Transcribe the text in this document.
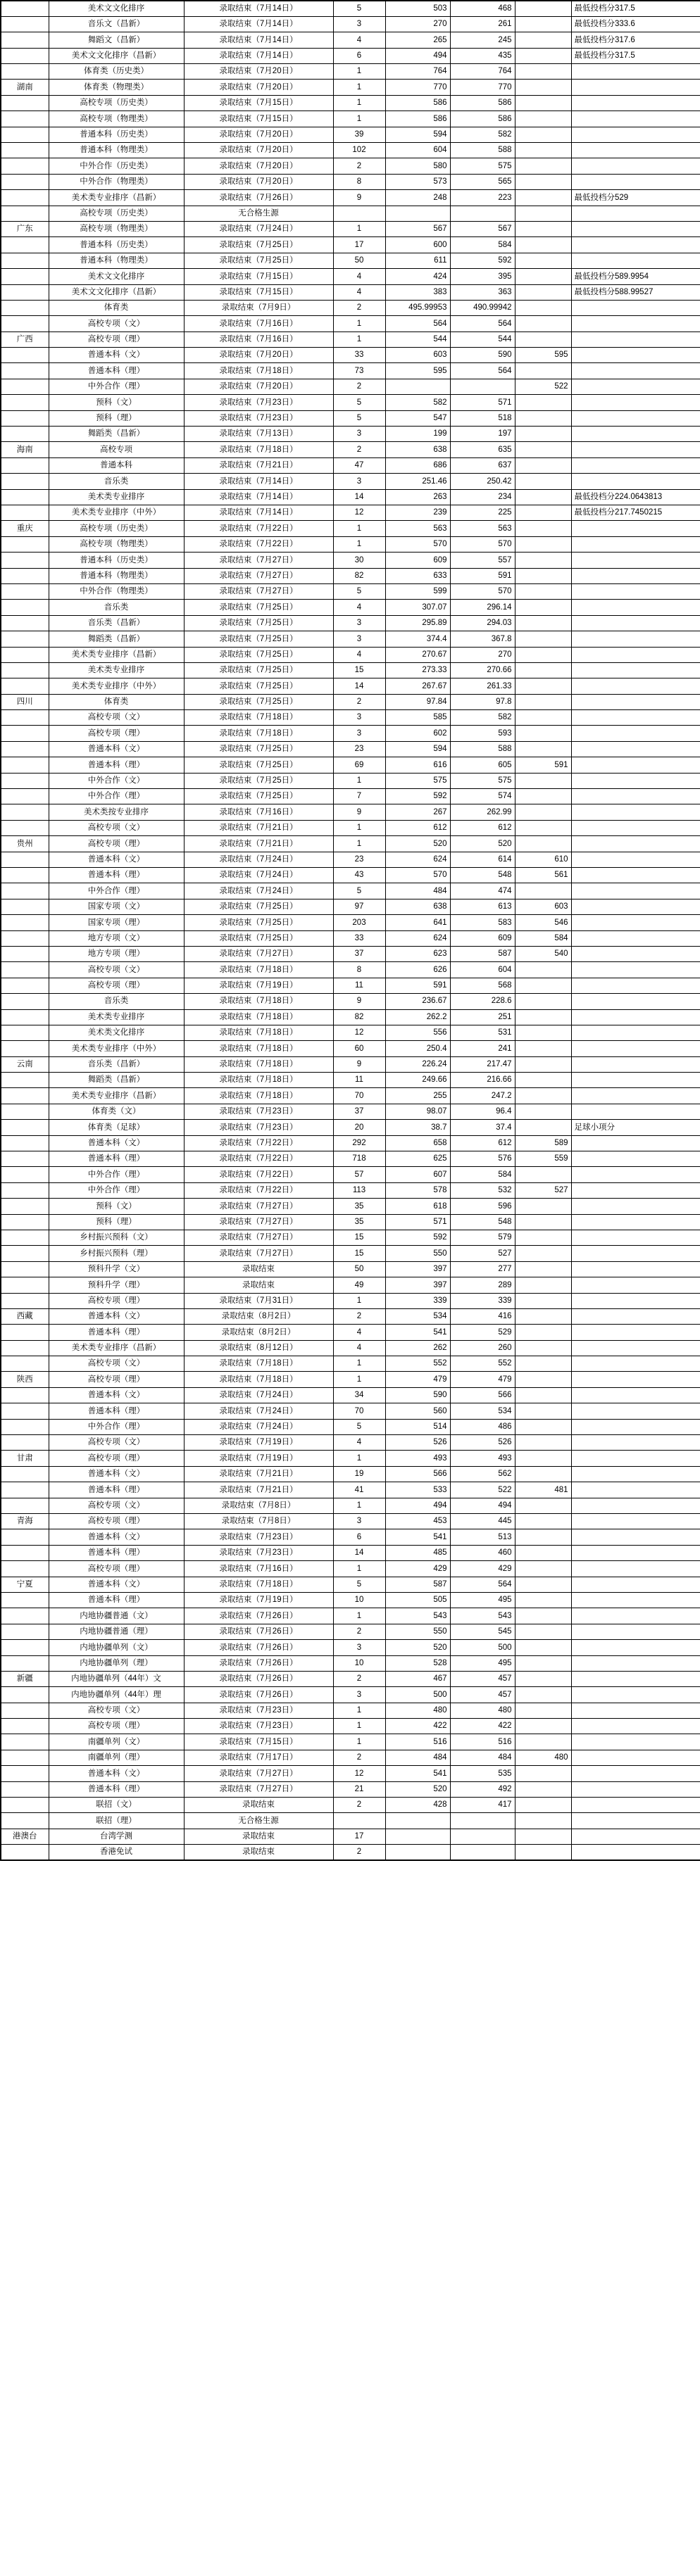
	美术文文化排序	录取结束（7月14日）	5	503	468		最低投档分317.5
	音乐文（昌新）	录取结束（7月14日）	3	270	261		最低投档分333.6
	舞蹈文（昌新）	录取结束（7月14日）	4	265	245		最低投档分317.6
	美术文文化排序（昌新）	录取结束（7月14日）	6	494	435		最低投档分317.5
	体育类（历史类）	录取结束（7月20日）	1	764	764		
湖南	体育类（物理类）	录取结束（7月20日）	1	770	770		
	高校专项（历史类）	录取结束（7月15日）	1	586	586		
	高校专项（物理类）	录取结束（7月15日）	1	586	586		
	普通本科（历史类）	录取结束（7月20日）	39	594	582		
	普通本科（物理类）	录取结束（7月20日）	102	604	588		
	中外合作（历史类）	录取结束（7月20日）	2	580	575		
	中外合作（物理类）	录取结束（7月20日）	8	573	565		
	美术类专业排序（昌新）	录取结束（7月26日）	9	248	223		最低投档分529
	高校专项（历史类）	无合格生源					
广东	高校专项（物理类）	录取结束（7月24日）	1	567	567		
	普通本科（历史类）	录取结束（7月25日）	17	600	584		
	普通本科（物理类）	录取结束（7月25日）	50	611	592		
	美术文文化排序	录取结束（7月15日）	4	424	395		最低投档分589.9954
	美术文文化排序（昌新）	录取结束（7月15日）	4	383	363		最低投档分588.99527
	体育类	录取结束（7月9日）	2	495.99953	490.99942		
	高校专项（文）	录取结束（7月16日）	1	564	564		
广西	高校专项（理）	录取结束（7月16日）	1	544	544		
	普通本科（文）	录取结束（7月20日）	33	603	590	595	
	普通本科（理）	录取结束（7月18日）	73	595	564		
	中外合作（理）	录取结束（7月20日）	2			522	
	预科（文）	录取结束（7月23日）	5	582	571		
	预科（理）	录取结束（7月23日）	5	547	518		
	舞蹈类（昌新）	录取结束（7月13日）	3	199	197		
海南	高校专项	录取结束（7月18日）	2	638	635		
	普通本科	录取结束（7月21日）	47	686	637		
	音乐类	录取结束（7月14日）	3	251.46	250.42		
	美术类专业排序	录取结束（7月14日）	14	263	234		最低投档分224.0643813
	美术类专业排序（中外）	录取结束（7月14日）	12	239	225		最低投档分217.7450215
重庆	高校专项（历史类）	录取结束（7月22日）	1	563	563		
	高校专项（物理类）	录取结束（7月22日）	1	570	570		
	普通本科（历史类）	录取结束（7月27日）	30	609	557		
	普通本科（物理类）	录取结束（7月27日）	82	633	591		
	中外合作（物理类）	录取结束（7月27日）	5	599	570		
	音乐类	录取结束（7月25日）	4	307.07	296.14		
	音乐类（昌新）	录取结束（7月25日）	3	295.89	294.03		
	舞蹈类（昌新）	录取结束（7月25日）	3	374.4	367.8		
	美术类专业排序（昌新）	录取结束（7月25日）	4	270.67	270		
	美术类专业排序	录取结束（7月25日）	15	273.33	270.66		
	美术类专业排序（中外）	录取结束（7月25日）	14	267.67	261.33		
四川	体育类	录取结束（7月25日）	2	97.84	97.8		
	高校专项（文）	录取结束（7月18日）	3	585	582		
	高校专项（理）	录取结束（7月18日）	3	602	593		
	普通本科（文）	录取结束（7月25日）	23	594	588		
	普通本科（理）	录取结束（7月25日）	69	616	605	591	
	中外合作（文）	录取结束（7月25日）	1	575	575		
	中外合作（理）	录取结束（7月25日）	7	592	574		
	美术类按专业排序	录取结束（7月16日）	9	267	262.99		
	高校专项（文）	录取结束（7月21日）	1	612	612		
贵州	高校专项（理）	录取结束（7月21日）	1	520	520		
	普通本科（文）	录取结束（7月24日）	23	624	614	610	
	普通本科（理）	录取结束（7月24日）	43	570	548	561	
	中外合作（理）	录取结束（7月24日）	5	484	474		
	国家专项（文）	录取结束（7月25日）	97	638	613	603	
	国家专项（理）	录取结束（7月25日）	203	641	583	546	
	地方专项（文）	录取结束（7月25日）	33	624	609	584	
	地方专项（理）	录取结束（7月27日）	37	623	587	540	
	高校专项（文）	录取结束（7月18日）	8	626	604		
	高校专项（理）	录取结束（7月19日）	11	591	568		
	音乐类	录取结束（7月18日）	9	236.67	228.6		
	美术类专业排序	录取结束（7月18日）	82	262.2	251		
	美术类文化排序	录取结束（7月18日）	12	556	531		
	美术类专业排序（中外）	录取结束（7月18日）	60	250.4	241		
云南	音乐类（昌新）	录取结束（7月18日）	9	226.24	217.47		
	舞蹈类（昌新）	录取结束（7月18日）	11	249.66	216.66		
	美术类专业排序（昌新）	录取结束（7月18日）	70	255	247.2		
	体育类（文）	录取结束（7月23日）	37	98.07	96.4		
	体育类（足球）	录取结束（7月23日）	20	38.7	37.4		足球小项分
	普通本科（文）	录取结束（7月22日）	292	658	612	589	
	普通本科（理）	录取结束（7月22日）	718	625	576	559	
	中外合作（理）	录取结束（7月22日）	57	607	584		
	中外合作（理）	录取结束（7月22日）	113	578	532	527	
	预科（文）	录取结束（7月27日）	35	618	596		
	预科（理）	录取结束（7月27日）	35	571	548		
	乡村振兴预科（文）	录取结束（7月27日）	15	592	579		
	乡村振兴预科（理）	录取结束（7月27日）	15	550	527		
	预科升学（文）	录取结束	50	397	277		
	预科升学（理）	录取结束	49	397	289		
	高校专项（理）	录取结束（7月31日）	1	339	339		
西藏	普通本科（文）	录取结束（8月2日）	2	534	416		
	普通本科（理）	录取结束（8月2日）	4	541	529		
	美术类专业排序（昌新）	录取结束（8月12日）	4	262	260		
	高校专项（文）	录取结束（7月18日）	1	552	552		
陕西	高校专项（理）	录取结束（7月18日）	1	479	479		
	普通本科（文）	录取结束（7月24日）	34	590	566		
	普通本科（理）	录取结束（7月24日）	70	560	534		
	中外合作（理）	录取结束（7月24日）	5	514	486		
	高校专项（文）	录取结束（7月19日）	4	526	526		
甘肃	高校专项（理）	录取结束（7月19日）	1	493	493		
	普通本科（文）	录取结束（7月21日）	19	566	562		
	普通本科（理）	录取结束（7月21日）	41	533	522	481	
	高校专项（文）	录取结束（7月8日）	1	494	494		
青海	高校专项（理）	录取结束（7月8日）	3	453	445		
	普通本科（文）	录取结束（7月23日）	6	541	513		
	普通本科（理）	录取结束（7月23日）	14	485	460		
	高校专项（理）	录取结束（7月16日）	1	429	429		
宁夏	普通本科（文）	录取结束（7月18日）	5	587	564		
	普通本科（理）	录取结束（7月19日）	10	505	495		
	内地协疆普通（文）	录取结束（7月26日）	1	543	543		
	内地协疆普通（理）	录取结束（7月26日）	2	550	545		
	内地协疆单列（文）	录取结束（7月26日）	3	520	500		
	内地协疆单列（理）	录取结束（7月26日）	10	528	495		
新疆	内地协疆单列（44年）文	录取结束（7月26日）	2	467	457		
	内地协疆单列（44年）理	录取结束（7月26日）	3	500	457		
	高校专项（文）	录取结束（7月23日）	1	480	480		
	高校专项（理）	录取结束（7月23日）	1	422	422		
	南疆单列（文）	录取结束（7月15日）	1	516	516		
	南疆单列（理）	录取结束（7月17日）	2	484	484	480	
	普通本科（文）	录取结束（7月27日）	12	541	535		
	普通本科（理）	录取结束（7月27日）	21	520	492		
	联招（文）	录取结束	2	428	417		
	联招（理）	无合格生源					
港澳台	台湾学测	录取结束	17				
	香港免试	录取结束	2				
